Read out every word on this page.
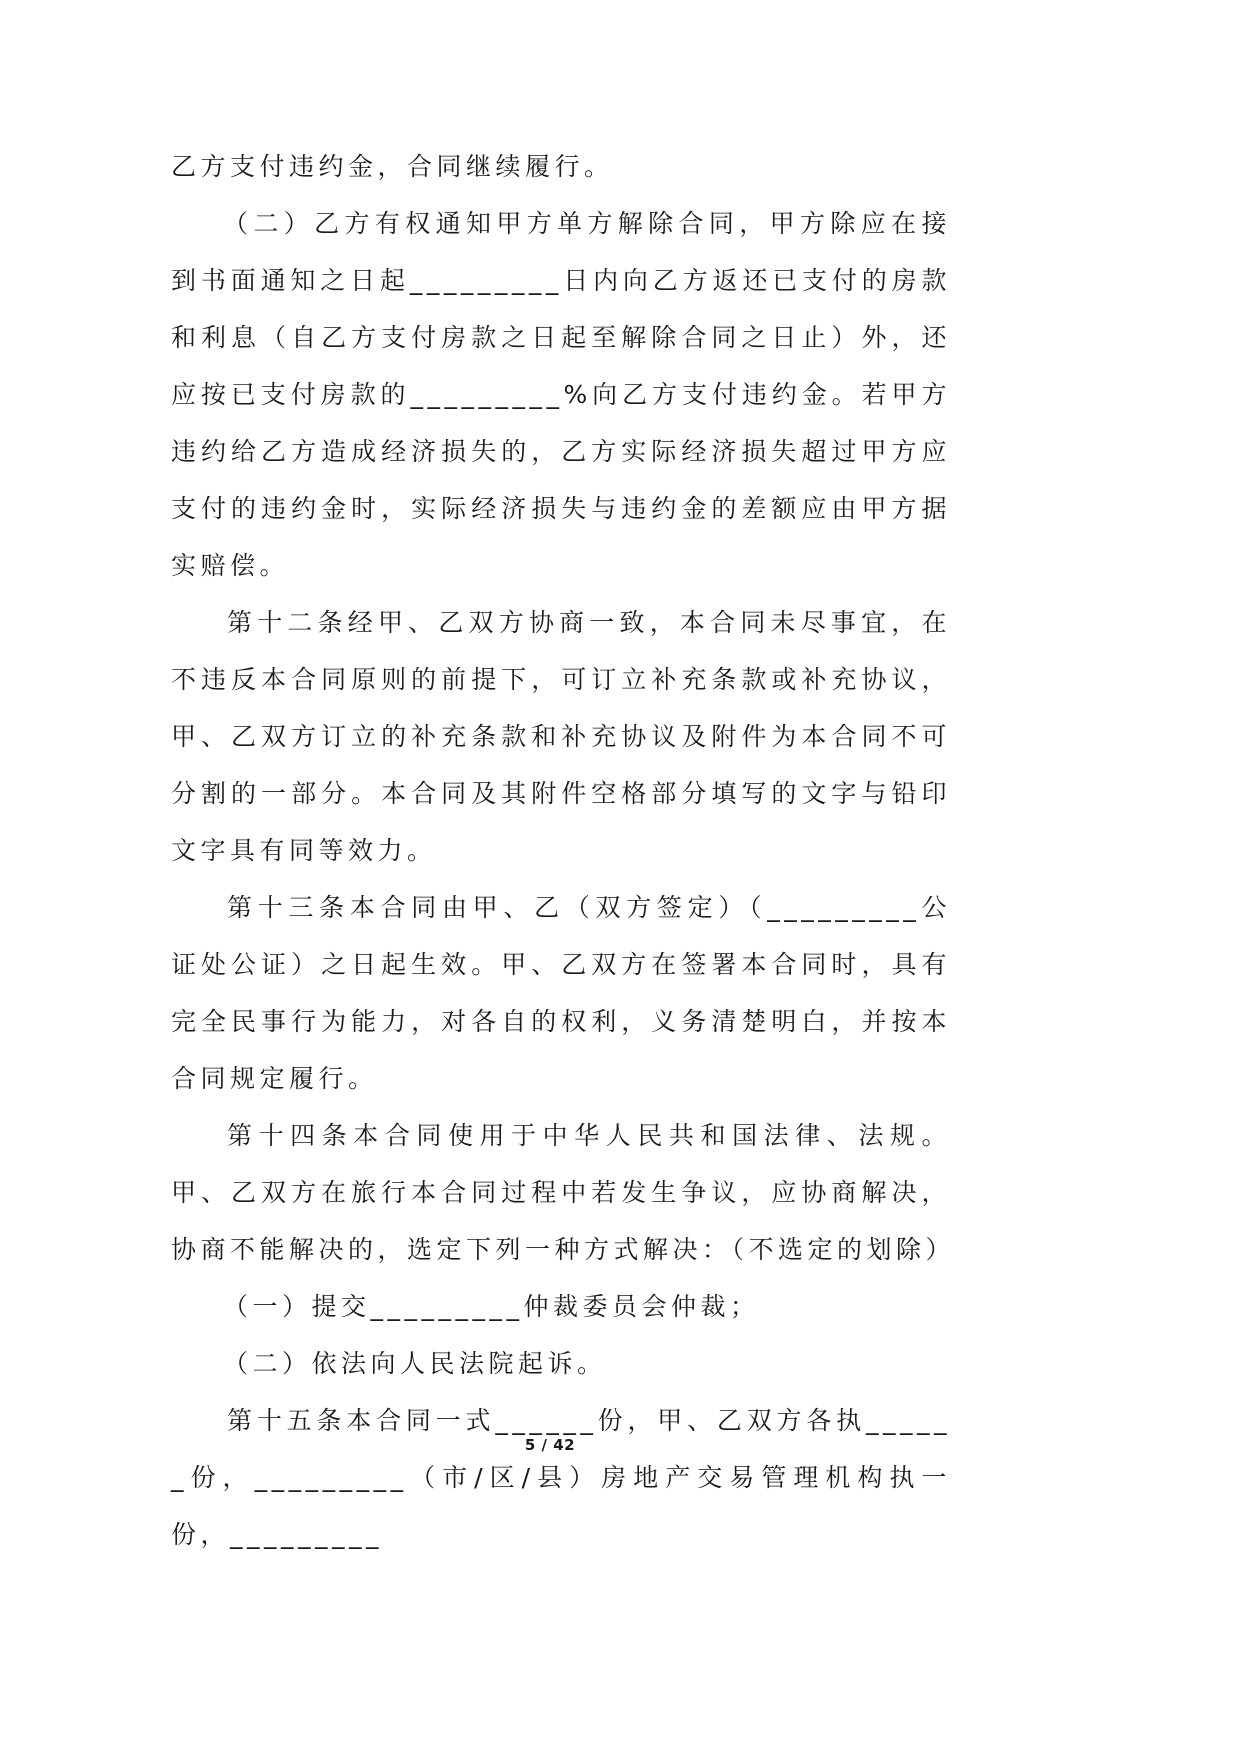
乙方支付违约金，合同继续履行。

（二）乙方有权通知甲方单方解除合同，甲方除应在接到书面通知之日起_________日内向乙方返还已支付的房款和利息（自乙方支付房款之日起至解除合同之日止）外，还应按已支付房款的_________%向乙方支付违约金。若甲方违约给乙方造成经济损失的，乙方实际经济损失超过甲方应支付的违约金时，实际经济损失与违约金的差额应由甲方据实赔偿。

第十二条经甲、乙双方协商一致，本合同未尽事宜，在不违反本合同原则的前提下，可订立补充条款或补充协议，甲、乙双方订立的补充条款和补充协议及附件为本合同不可分割的一部分。本合同及其附件空格部分填写的文字与铅印文字具有同等效力。

第十三条本合同由甲、乙（双方签定）（_________公证处公证）之日起生效。甲、乙双方在签署本合同时，具有完全民事行为能力，对各自的权利，义务清楚明白，并按本合同规定履行。

第十四条本合同使用于中华人民共和国法律、法规。甲、乙双方在旅行本合同过程中若发生争议，应协商解决，协商不能解决的，选定下列一种方式解决：（不选定的划除）

（一）提交_________仲裁委员会仲裁；

（二）依法向人民法院起诉。

第十五条本合同一式______份，甲、乙双方各执______份，_________（市/区/县）房地产交易管理机构执一份，_________

5 / 42
